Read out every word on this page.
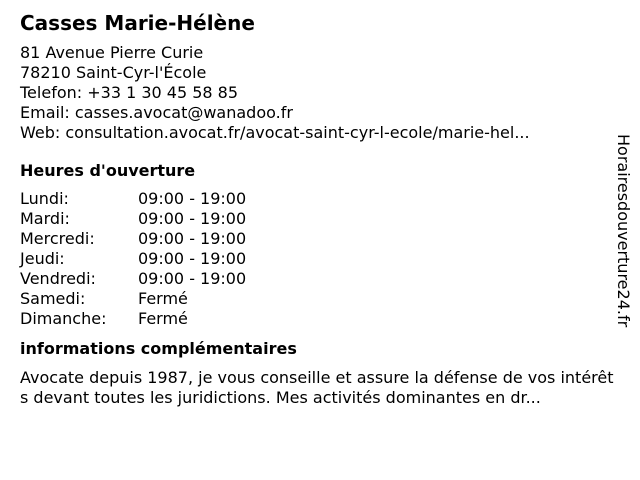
Casses Marie-Hélène
81 Avenue Pierre Curie
78210 Saint-Cyr-l'École
Telefon: +33 1 30 45 58 85
Email: casses.avocat@wanadoo.fr
Web: consultation.avocat.fr/avocat-saint-cyr-l-ecole/marie-hel...
Heures d'ouverture
Lundi:	09:00 - 19:00
Mardi:	09:00 - 19:00
Mercredi:	09:00 - 19:00
Jeudi:	09:00 - 19:00
Vendredi:	09:00 - 19:00
Samedi:	Fermé
Dimanche:	Fermé
informations complémentaires
Avocate depuis 1987, je vous conseille et assure la défense de vos intérêts devant toutes les juridictions. Mes activités dominantes en dr...
Horairesdouverture24.fr
